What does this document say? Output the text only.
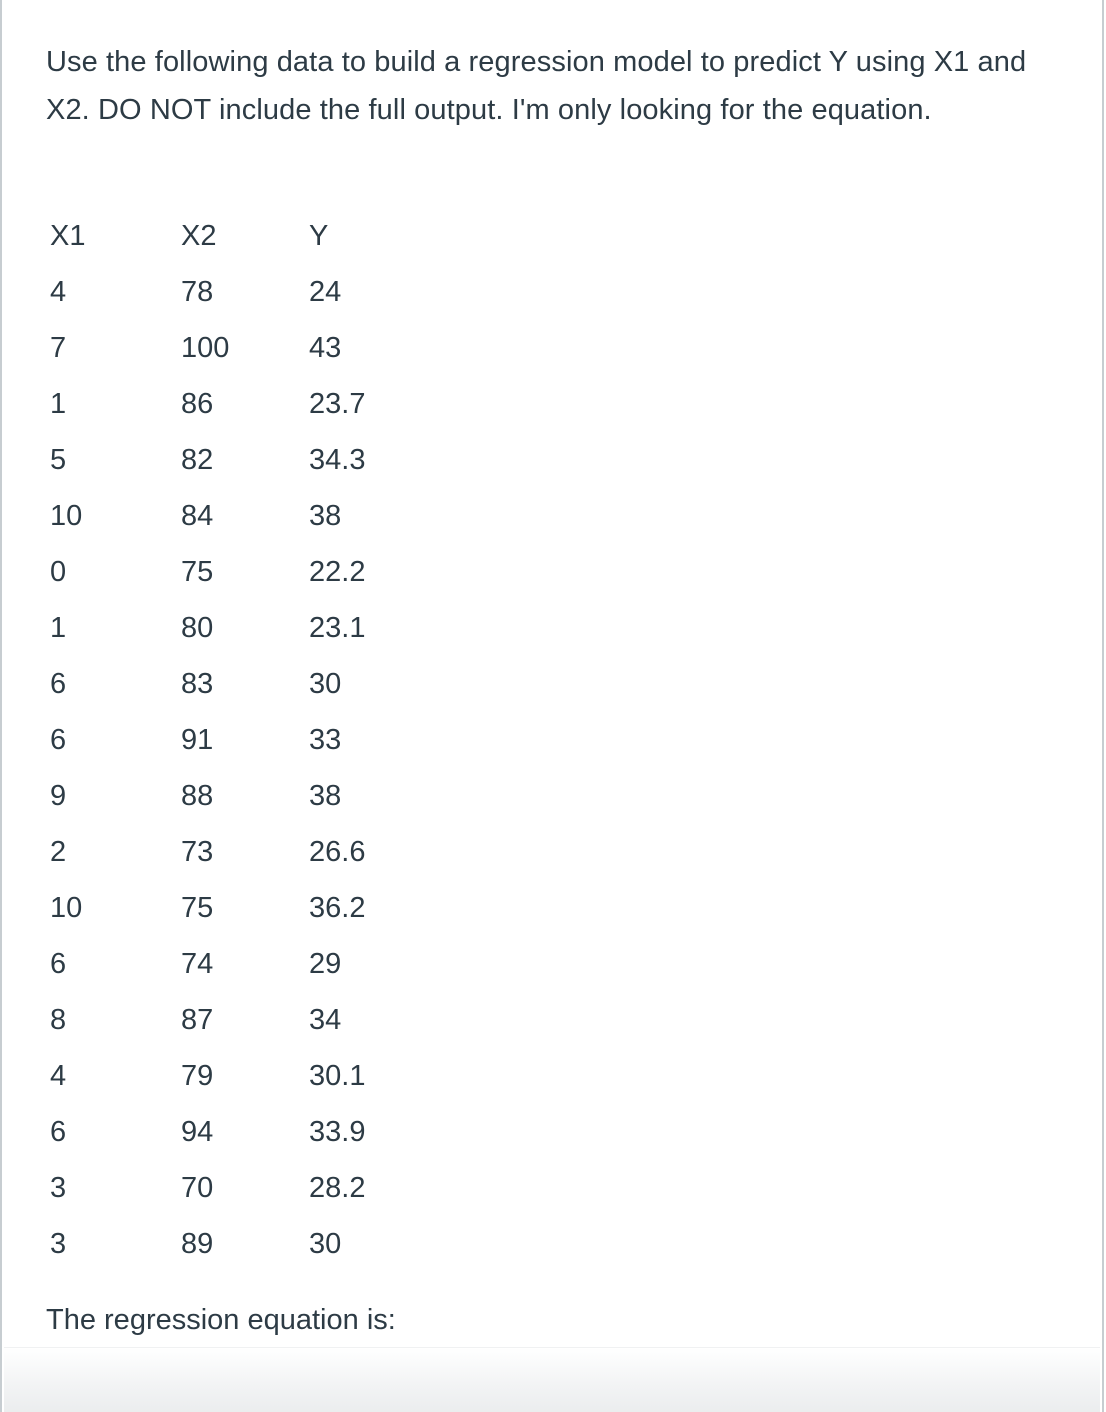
Use the following data to build a regression model to predict Y using X1 and X2. DO NOT include the full output. I'm only looking for the equation.

X1	X2	Y
4	78	24
7	100	43
1	86	23.7
5	82	34.3
10	84	38
0	75	22.2
1	80	23.1
6	83	30
6	91	33
9	88	38
2	73	26.6
10	75	36.2
6	74	29
8	87	34
4	79	30.1
6	94	33.9
3	70	28.2
3	89	30

The regression equation is:
